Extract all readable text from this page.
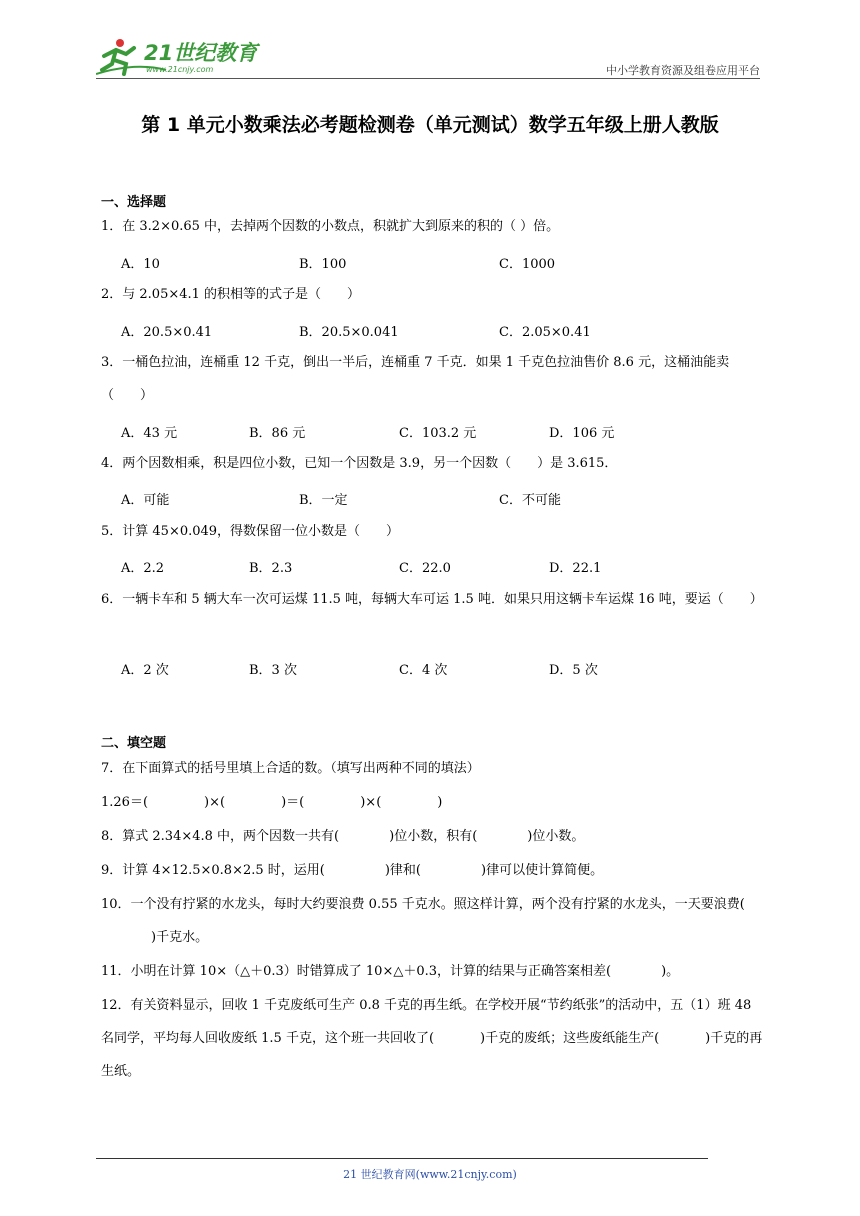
21世纪教育
www.21cnjy.com	中小学教育资源及组卷应用平台
第 1 单元小数乘法必考题检测卷（单元测试）数学五年级上册人教版
一、选择题
1．在 3.2×0.65 中，去掉两个因数的小数点，积就扩大到原来的积的（ ）倍。
A．10	B．100	C．1000
2．与 2.05×4.1 的积相等的式子是（　　）
A．20.5×0.41	B．20.5×0.041	C．2.05×0.41
3．一桶色拉油，连桶重 12 千克，倒出一半后，连桶重 7 千克．如果 1 千克色拉油售价 8.6 元，这桶油能卖（　　）
A．43 元	B．86 元	C．103.2 元	D．106 元
4．两个因数相乘，积是四位小数，已知一个因数是 3.9，另一个因数（　　）是 3.615．
A．可能	B．一定	C．不可能
5．计算 45×0.049，得数保留一位小数是（　　）
A．2.2	B．2.3	C．22.0	D．22.1
6．一辆卡车和 5 辆大车一次可运煤 11.5 吨，每辆大车可运 1.5 吨．如果只用这辆卡车运煤 16 吨，要运（　　）
A．2 次	B．3 次	C．4 次	D．5 次
二、填空题
7．在下面算式的括号里填上合适的数。（填写出两种不同的填法）
1.26＝(	)×(	)＝(	)×(	)
8．算式 2.34×4.8 中，两个因数一共有(	)位小数，积有(	)位小数。
9．计算 4×12.5×0.8×2.5 时，运用(	)律和(	)律可以使计算简便。
10．一个没有拧紧的水龙头，每时大约要浪费 0.55 千克水。照这样计算，两个没有拧紧的水龙头，一天要浪费()千克水。
11．小明在计算 10×（△＋0.3）时错算成了 10×△＋0.3，计算的结果与正确答案相差(	)。
12．有关资料显示，回收 1 千克废纸可生产 0.8 千克的再生纸。在学校开展“节约纸张”的活动中，五（1）班 48 名同学，平均每人回收废纸 1.5 千克，这个班一共回收了(	)千克的废纸；这些废纸能生产(	)千克的再生纸。
21 世纪教育网(www.21cnjy.com)
